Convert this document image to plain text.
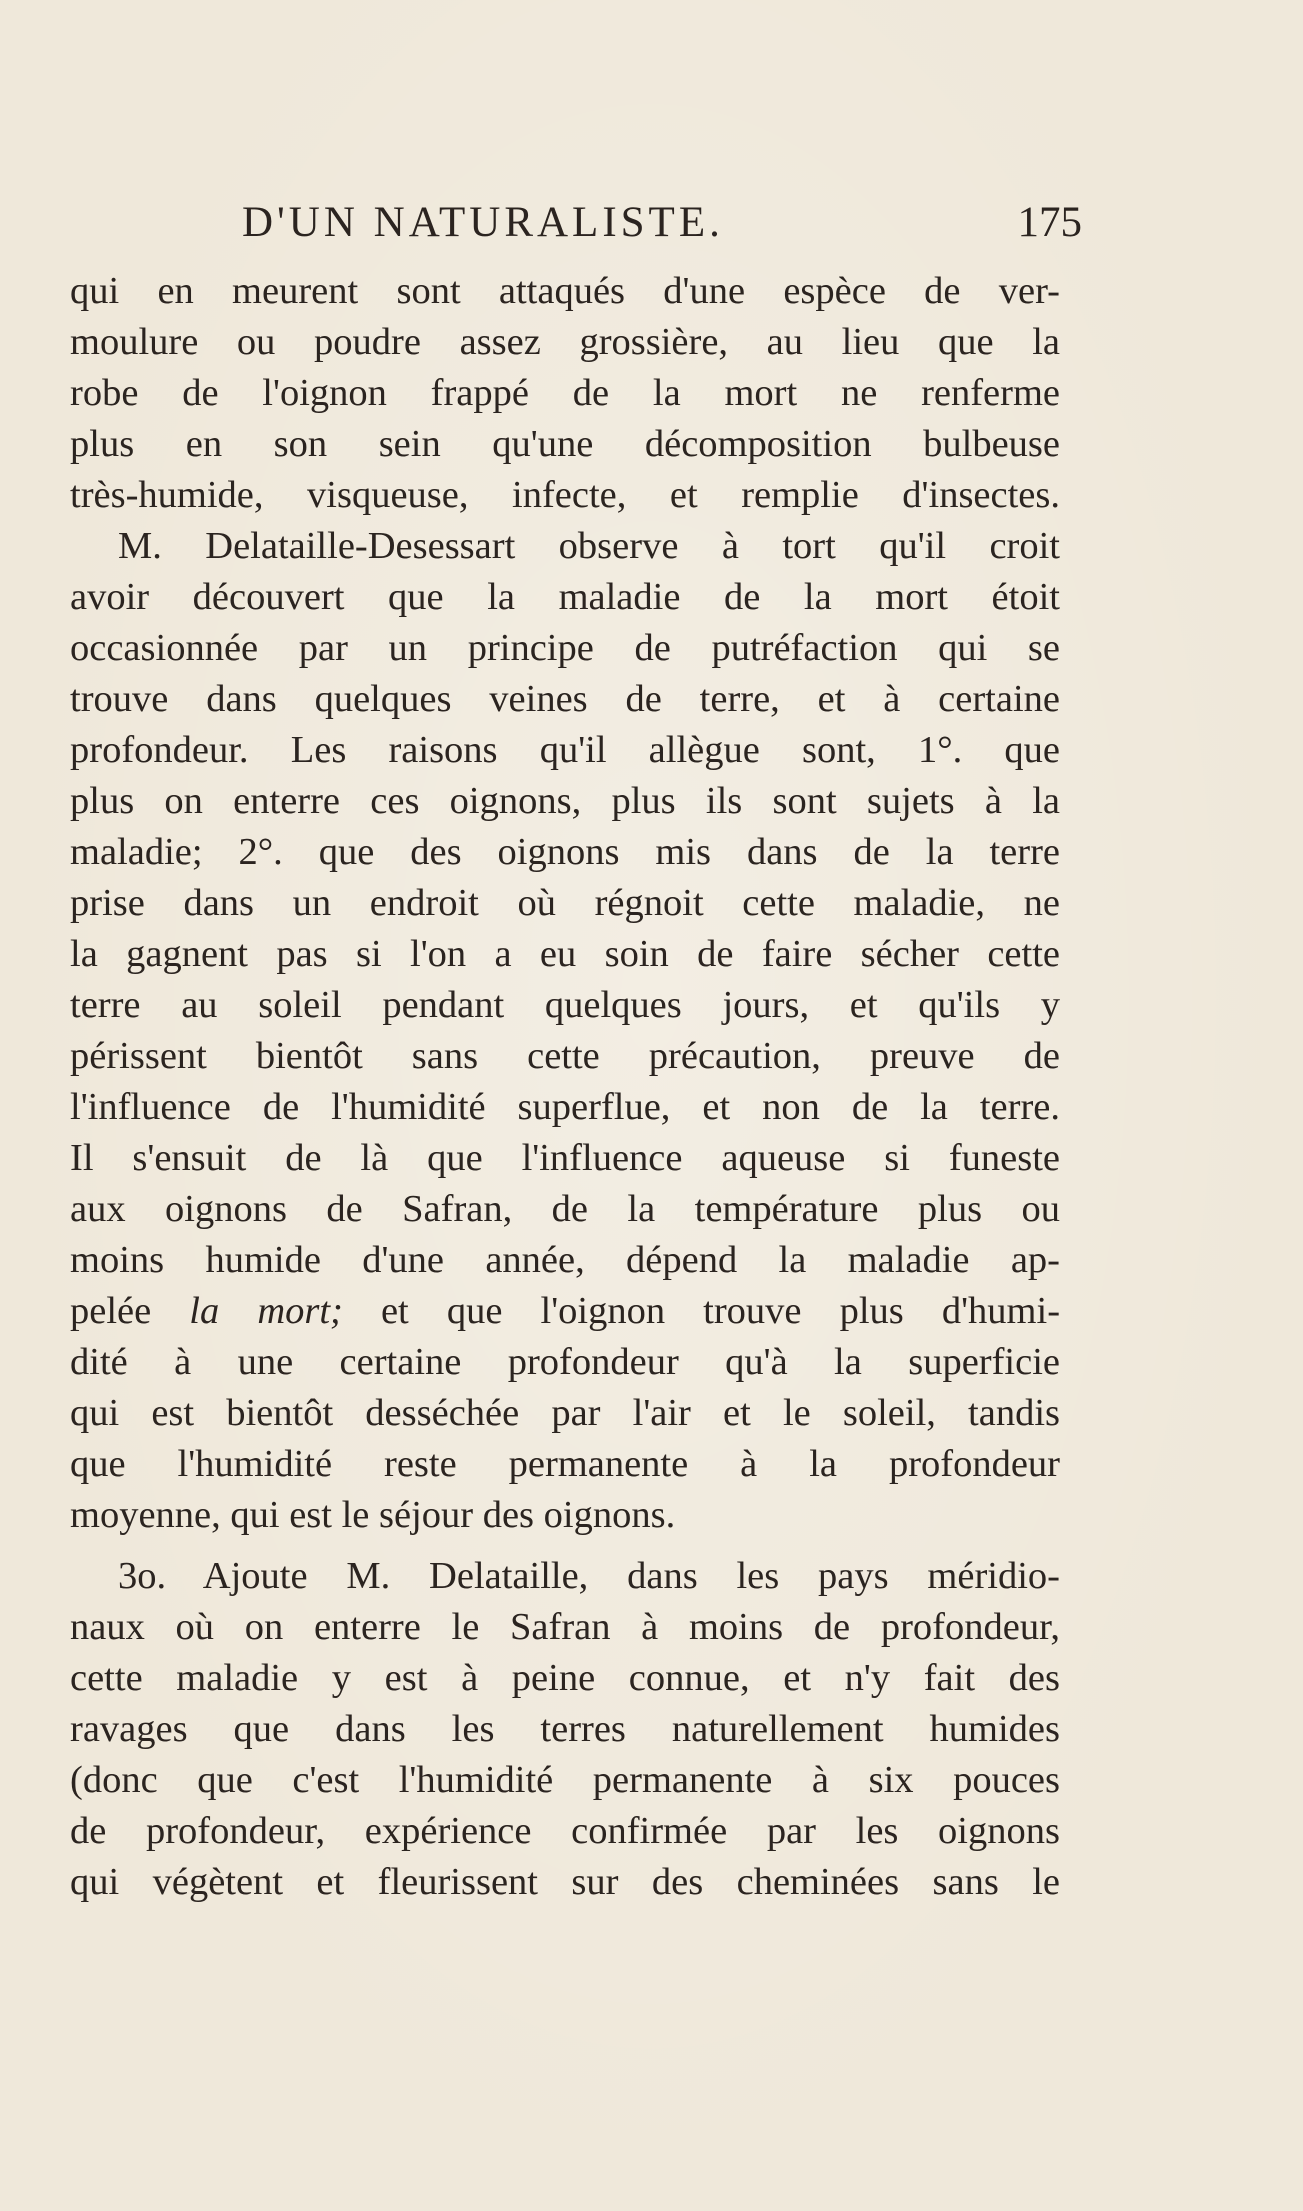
D'UN NATURALISTE.	175
qui en meurent sont attaqués d'une espèce de ver-
moulure ou poudre assez grossière, au lieu que la
robe de l'oignon frappé de la mort ne renferme
plus en son sein qu'une décomposition bulbeuse
très-humide, visqueuse, infecte, et remplie d'insectes.
M. Delataille-Desessart observe à tort qu'il croit
avoir découvert que la maladie de la mort étoit
occasionnée par un principe de putréfaction qui se
trouve dans quelques veines de terre, et à certaine
profondeur. Les raisons qu'il allègue sont, 1°. que
plus on enterre ces oignons, plus ils sont sujets à la
maladie; 2°. que des oignons mis dans de la terre
prise dans un endroit où régnoit cette maladie, ne
la gagnent pas si l'on a eu soin de faire sécher cette
terre au soleil pendant quelques jours, et qu'ils y
périssent bientôt sans cette précaution, preuve de
l'influence de l'humidité superflue, et non de la terre.
Il s'ensuit de là que l'influence aqueuse si funeste
aux oignons de Safran, de la température plus ou
moins humide d'une année, dépend la maladie ap-
pelée la mort; et que l'oignon trouve plus d'humi-
dité à une certaine profondeur qu'à la superficie
qui est bientôt desséchée par l'air et le soleil, tandis
que l'humidité reste permanente à la profondeur
moyenne, qui est le séjour des oignons.
3o. Ajoute M. Delataille, dans les pays méridio-
naux où on enterre le Safran à moins de profondeur,
cette maladie y est à peine connue, et n'y fait des
ravages que dans les terres naturellement humides
(donc que c'est l'humidité permanente à six pouces
de profondeur, expérience confirmée par les oignons
qui végètent et fleurissent sur des cheminées sans le
